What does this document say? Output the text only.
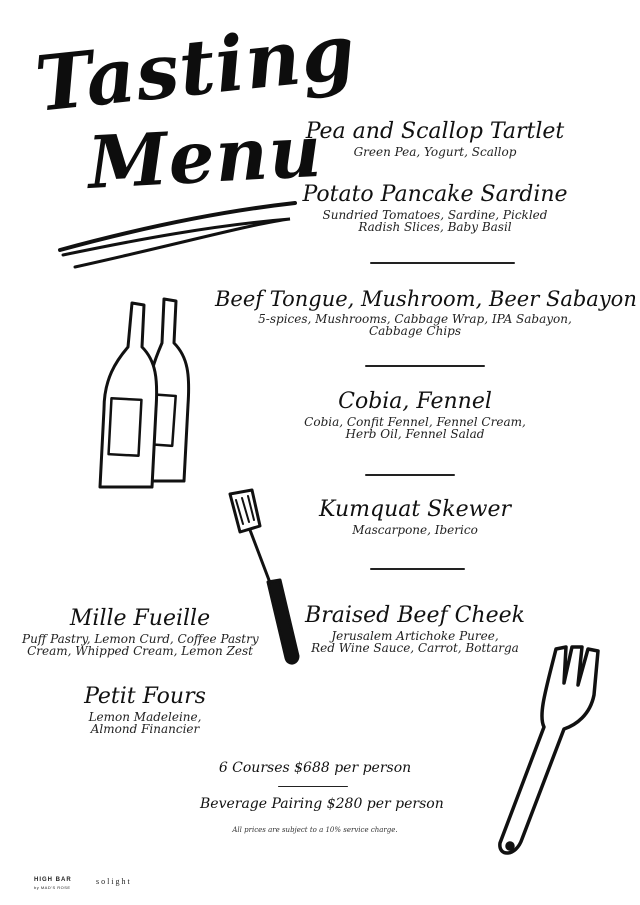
Tasting
Menu
Pea and Scallop Tartlet
Green Pea, Yogurt, Scallop
Potato Pancake Sardine
Sundried Tomatoes, Sardine, Pickled
Radish Slices, Baby Basil
Beef Tongue, Mushroom, Beer Sabayon
5-spices, Mushrooms, Cabbage Wrap, IPA Sabayon,
Cabbage Chips
Cobia, Fennel
Cobia, Confit Fennel, Fennel Cream,
Herb Oil, Fennel Salad
Kumquat Skewer
Mascarpone, Iberico
Braised Beef Cheek
Jerusalem Artichoke Puree,
Red Wine Sauce, Carrot, Bottarga
Mille Fueille
Puff Pastry, Lemon Curd, Coffee Pastry
Cream, Whipped Cream, Lemon Zest
Petit Fours
Lemon Madeleine,
Almond Financier
6 Courses $688 per person
Beverage Pairing $280 per person
All prices are subject to a 10% service charge.
HIGH BAR
by MAD'S ROSE
solight
